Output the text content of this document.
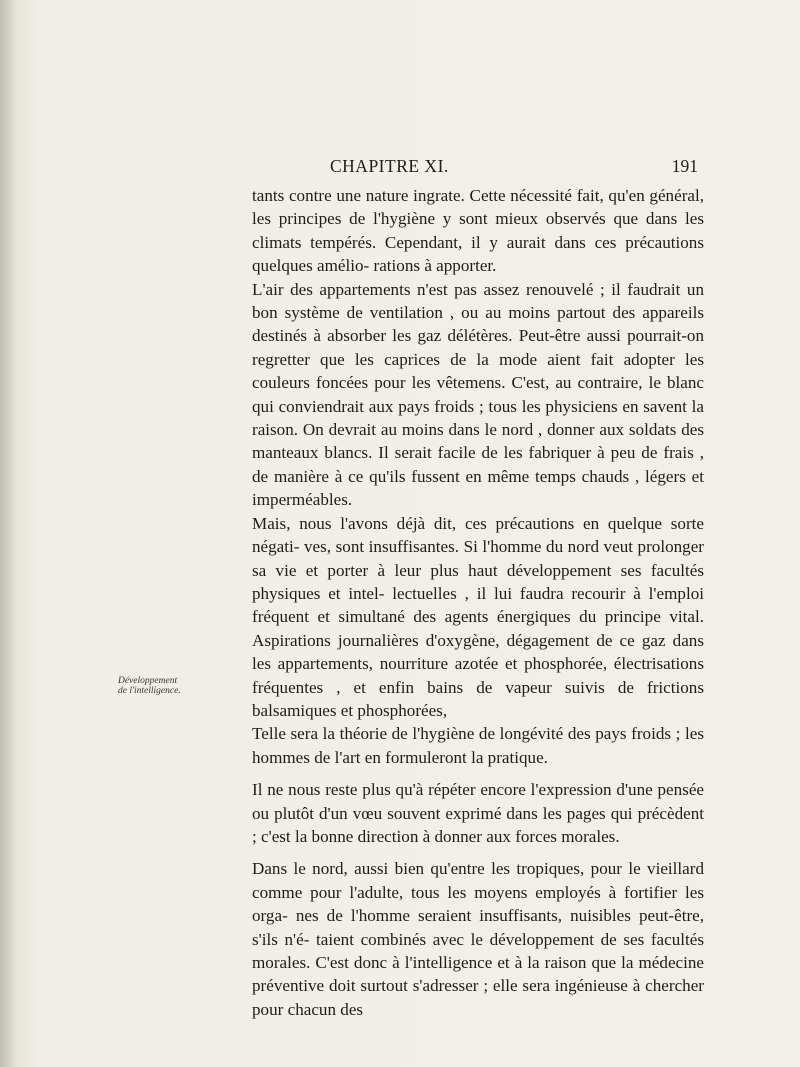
CHAPITRE XI.	191
Développement
de l'intelligence.

tants contre une nature ingrate. Cette nécessité fait, qu'en général, les principes de l'hygiène y sont mieux observés que dans les climats tempérés. Cependant, il y aurait dans ces précautions quelques amélio- rations à apporter.

L'air des appartements n'est pas assez renouvelé ; il faudrait un bon système de ventilation , ou au moins partout des appareils destinés à absorber les gaz délétères. Peut-être aussi pourrait-on regretter que les caprices de la mode aient fait adopter les couleurs foncées pour les vêtemens. C'est, au contraire, le blanc qui conviendrait aux pays froids ; tous les physiciens en savent la raison. On devrait au moins dans le nord , donner aux soldats des manteaux blancs. Il serait facile de les fabriquer à peu de frais , de manière à ce qu'ils fussent en même temps chauds , légers et imperméables.

Mais, nous l'avons déjà dit, ces précautions en quelque sorte négati- ves, sont insuffisantes. Si l'homme du nord veut prolonger sa vie et porter à leur plus haut développement ses facultés physiques et intel- lectuelles , il lui faudra recourir à l'emploi fréquent et simultané des agents énergiques du principe vital. Aspirations journalières d'oxygène, dégagement de ce gaz dans les appartements, nourriture azotée et phosphorée, électrisations fréquentes , et enfin bains de vapeur suivis de frictions balsamiques et phosphorées,

Telle sera la théorie de l'hygiène de longévité des pays froids ; les hommes de l'art en formuleront la pratique.

Il ne nous reste plus qu'à répéter encore l'expression d'une pensée ou plutôt d'un vœu souvent exprimé dans les pages qui précèdent ; c'est la bonne direction à donner aux forces morales.

Dans le nord, aussi bien qu'entre les tropiques, pour le vieillard comme pour l'adulte, tous les moyens employés à fortifier les orga- nes de l'homme seraient insuffisants, nuisibles peut-être, s'ils n'é- taient combinés avec le développement de ses facultés morales. C'est donc à l'intelligence et à la raison que la médecine préventive doit surtout s'adresser ; elle sera ingénieuse à chercher pour chacun des
